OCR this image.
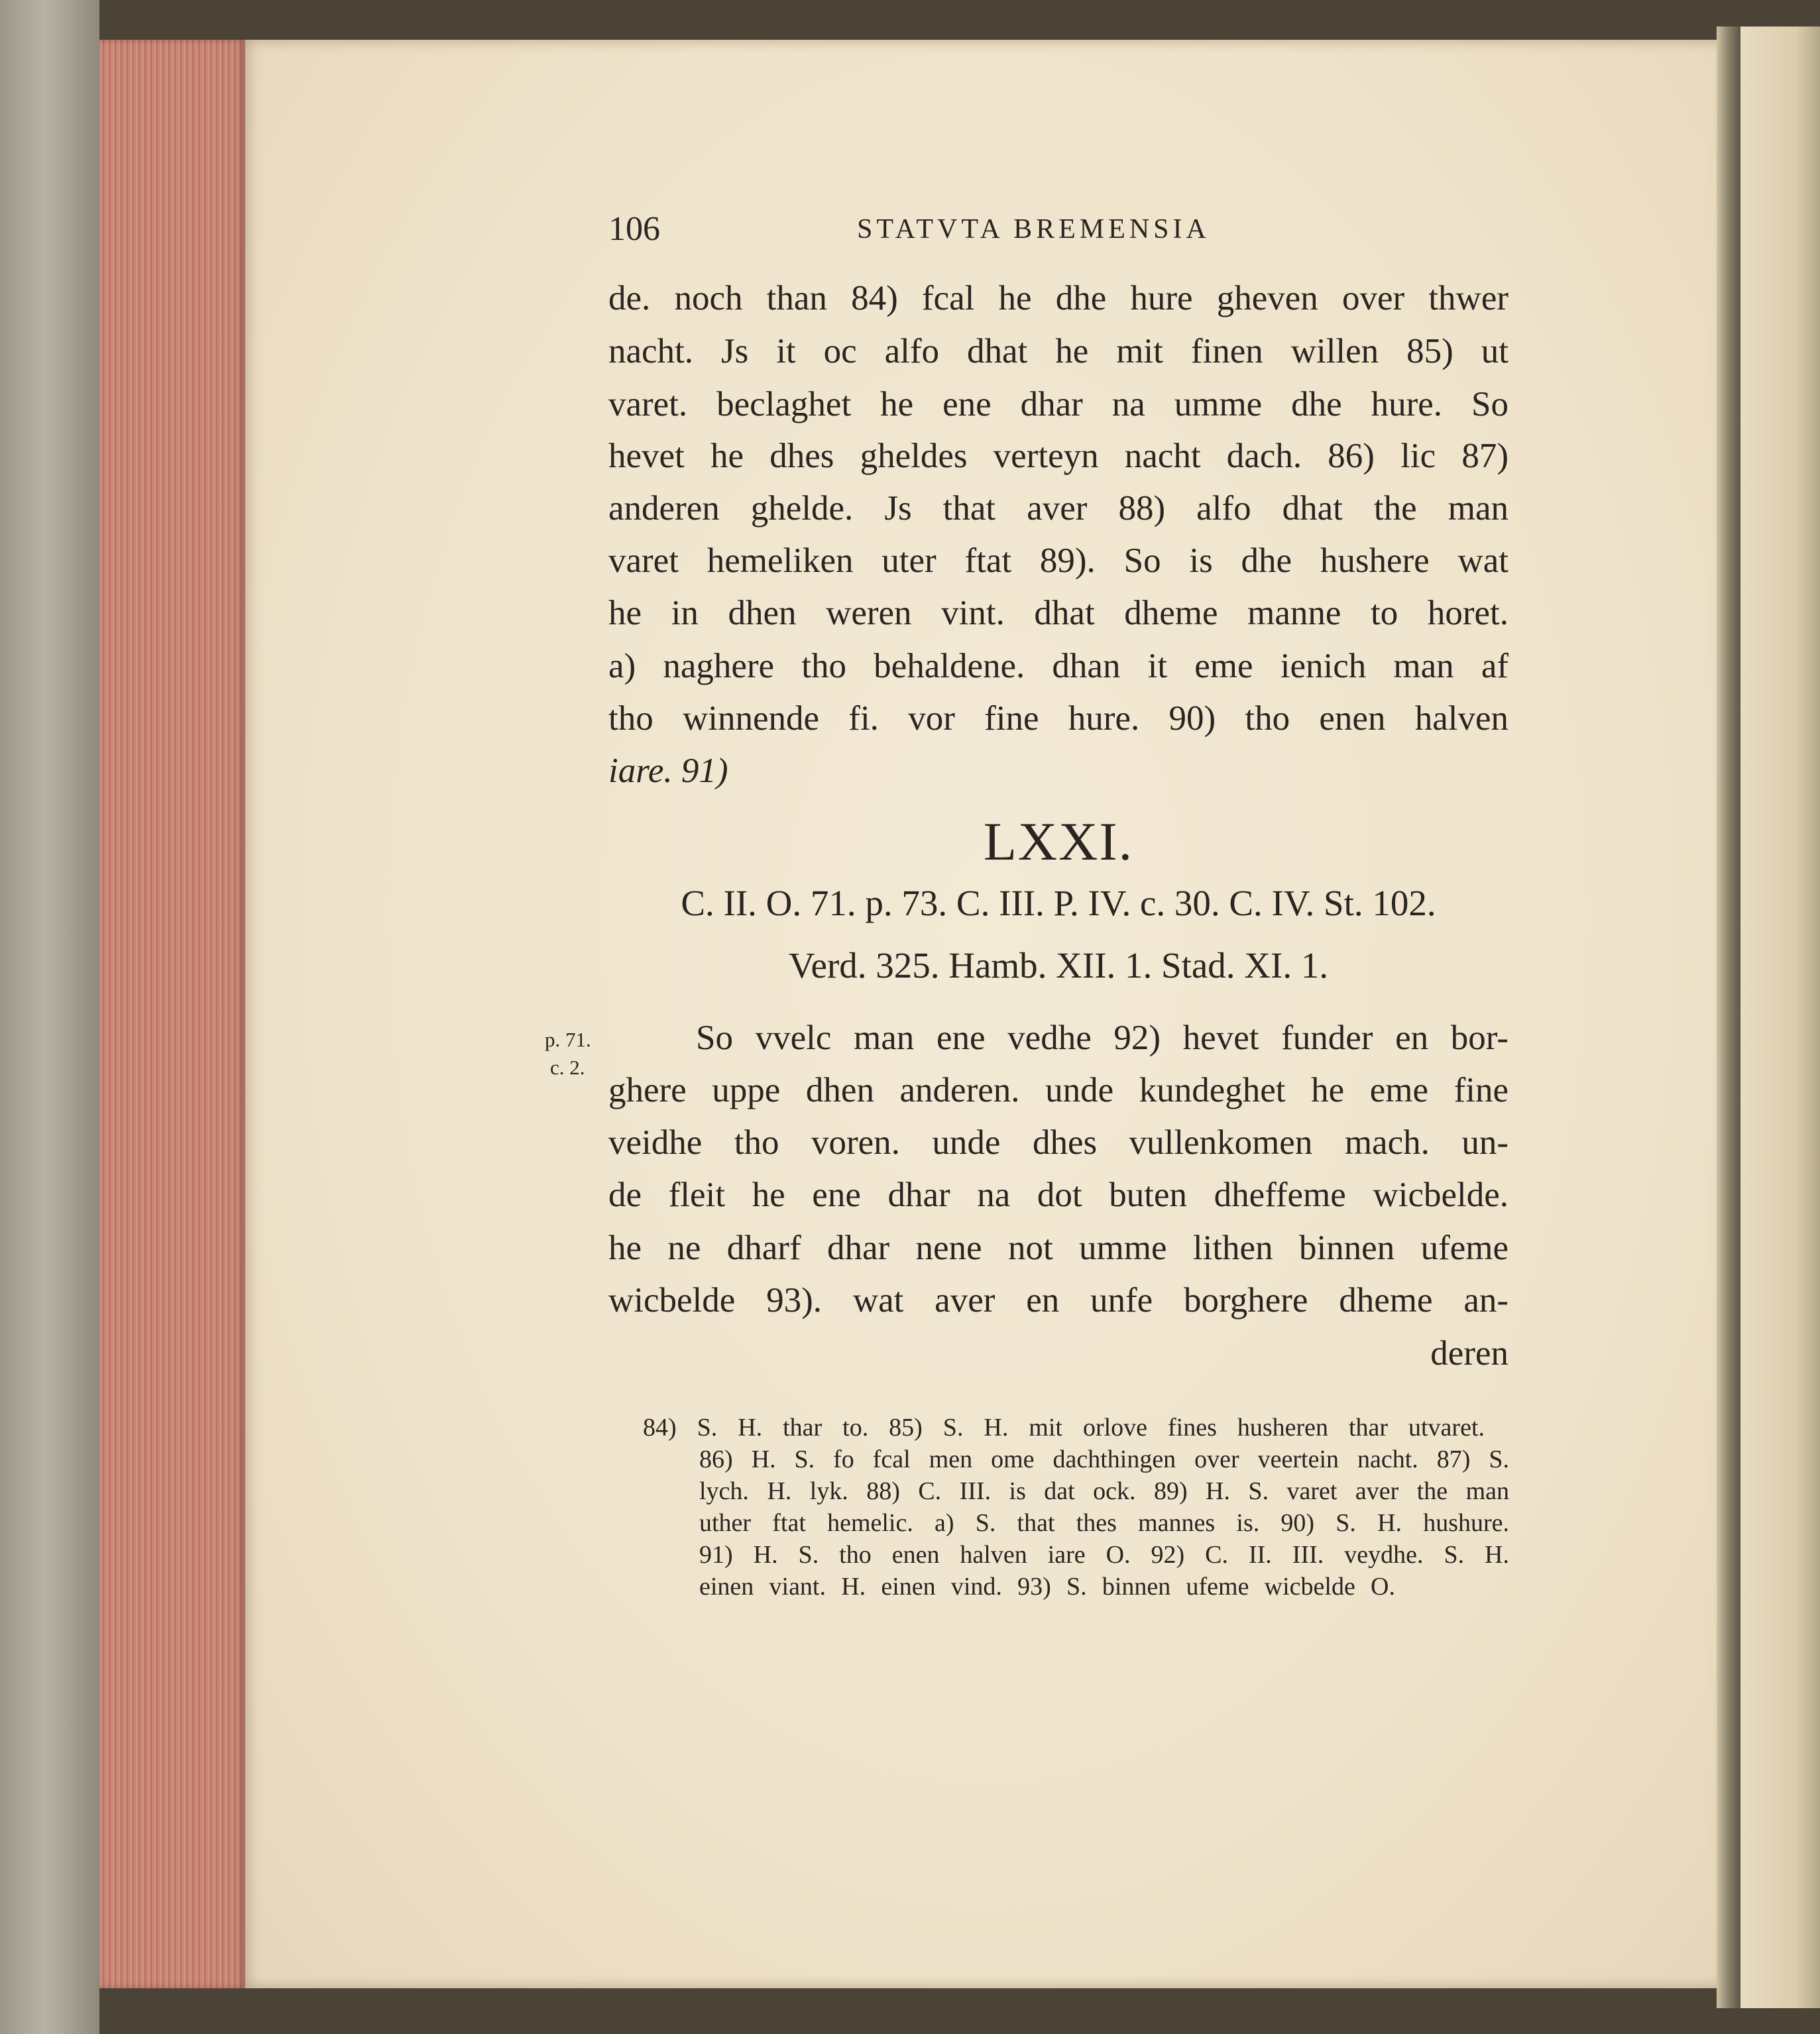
106	STATVTA BREMENSIA
de. noch than 84) fcal he dhe hure gheven over thwer
nacht. Js it oc alfo dhat he mit finen willen 85) ut
varet. beclaghet he ene dhar na umme dhe hure. So
hevet he dhes gheldes verteyn nacht dach. 86) lic 87)
anderen ghelde. Js that aver 88) alfo dhat the man
varet hemeliken uter ftat 89). So is dhe hushere wat
he in dhen weren vint. dhat dheme manne to horet.
a) naghere tho behaldene. dhan it eme ienich man af
tho winnende fi. vor fine hure. 90) tho enen halven
iare. 91)
LXXI.
C. II. O. 71. p. 73. C. III. P. IV. c. 30. C. IV. St. 102.
Verd. 325. Hamb. XII. 1. Stad. XI. 1.
p. 71.
c. 2.
So vvelc man ene vedhe 92) hevet funder en bor-
ghere uppe dhen anderen. unde kundeghet he eme fine
veidhe tho voren. unde dhes vullenkomen mach. un-
de fleit he ene dhar na dot buten dheffeme wicbelde.
he ne dharf dhar nene not umme lithen binnen ufeme
wicbelde 93). wat aver en unfe borghere dheme an-
deren
84) S. H. thar to. 85) S. H. mit orlove fines husheren thar utvaret.
86) H. S. fo fcal men ome dachthingen over veertein nacht. 87) S.
lych. H. lyk. 88) C. III. is dat ock. 89) H. S. varet aver the man
uther ftat hemelic. a) S. that thes mannes is. 90) S. H. hushure.
91) H. S. tho enen halven iare O. 92) C. II. III. veydhe. S. H.
einen viant. H. einen vind. 93) S. binnen ufeme wicbelde O.
